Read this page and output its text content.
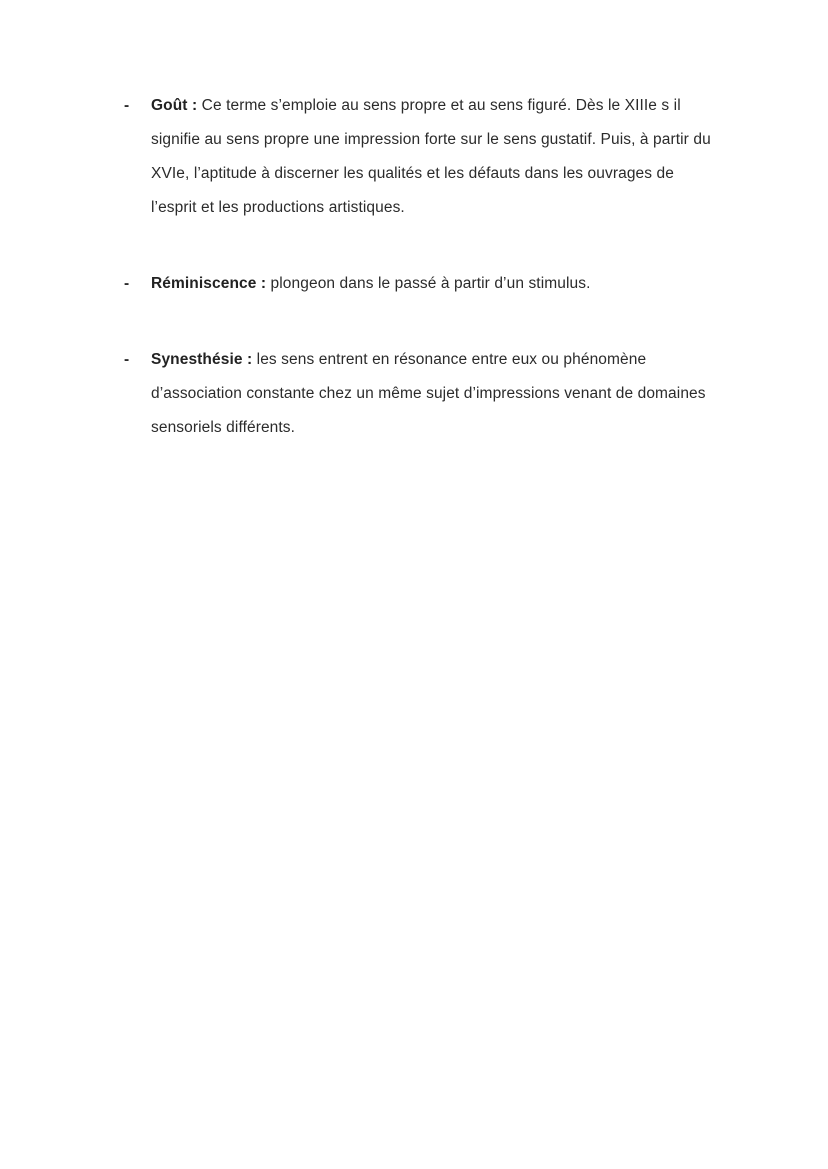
- Goût : Ce terme s’emploie au sens propre et au sens figuré. Dès le XIIIe s il signifie au sens propre une impression forte sur le sens gustatif. Puis, à partir du XVIe, l’aptitude à discerner les qualités et les défauts dans les ouvrages de l’esprit et les productions artistiques.

- Réminiscence : plongeon dans le passé à partir d’un stimulus.

- Synesthésie : les sens entrent en résonance entre eux ou phénomène d’association constante chez un même sujet d’impressions venant de domaines sensoriels différents.
